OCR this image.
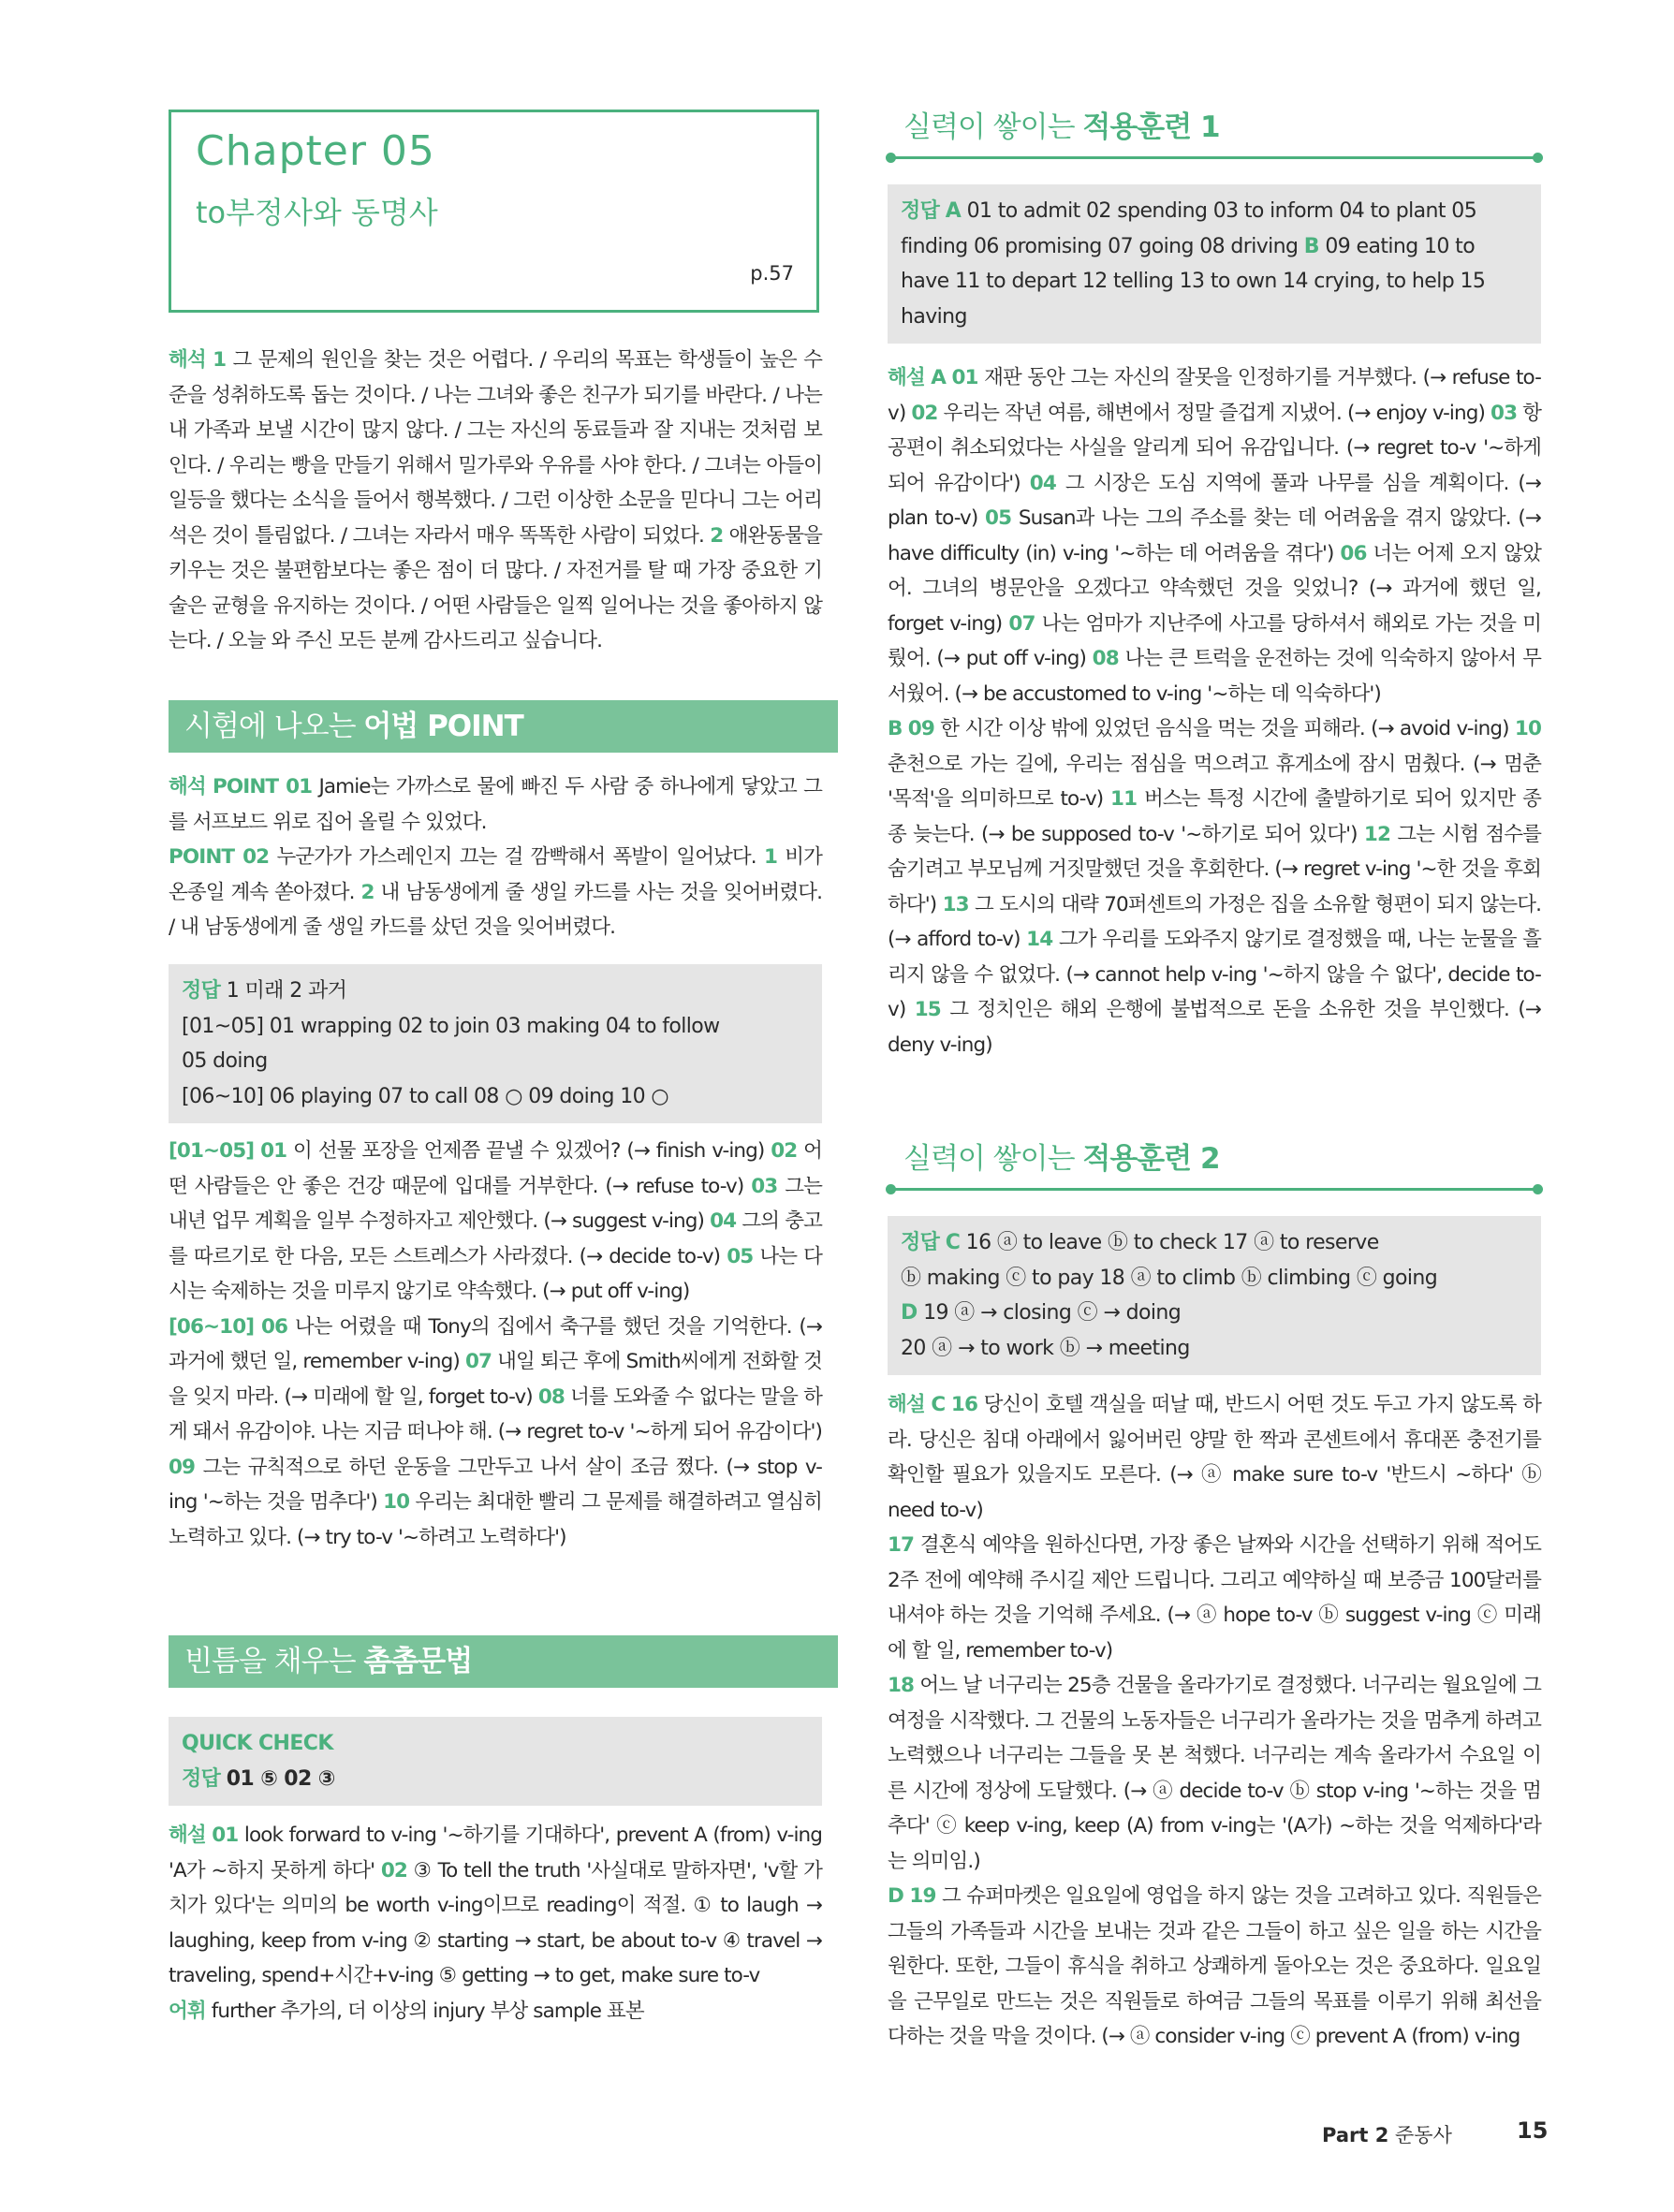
Chapter 05
to부정사와 동명사
p.57

해석 1 그 문제의 원인을 찾는 것은 어렵다. / 우리의 목표는 학생들이 높은 수준을 성취하도록 돕는 것이다. / 나는 그녀와 좋은 친구가 되기를 바란다. / 나는 내 가족과 보낼 시간이 많지 않다. / 그는 자신의 동료들과 잘 지내는 것처럼 보인다. / 우리는 빵을 만들기 위해서 밀가루와 우유를 사야 한다. / 그녀는 아들이 일등을 했다는 소식을 들어서 행복했다. / 그런 이상한 소문을 믿다니 그는 어리석은 것이 틀림없다. / 그녀는 자라서 매우 똑똑한 사람이 되었다. 2 애완동물을 키우는 것은 불편함보다는 좋은 점이 더 많다. / 자전거를 탈 때 가장 중요한 기술은 균형을 유지하는 것이다. / 어떤 사람들은 일찍 일어나는 것을 좋아하지 않는다. / 오늘 와 주신 모든 분께 감사드리고 싶습니다.

시험에 나오는 어법 POINT

해석 POINT 01 Jamie는 가까스로 물에 빠진 두 사람 중 하나에게 닿았고 그를 서프보드 위로 집어 올릴 수 있었다.

POINT 02 누군가가 가스레인지 끄는 걸 깜빡해서 폭발이 일어났다. 1 비가 온종일 계속 쏟아졌다. 2 내 남동생에게 줄 생일 카드를 사는 것을 잊어버렸다. / 내 남동생에게 줄 생일 카드를 샀던 것을 잊어버렸다.

정답 1 미래 2 과거
[01~05] 01 wrapping 02 to join 03 making 04 to follow
05 doing
[06~10] 06 playing 07 to call 08 ○ 09 doing 10 ○

[01~05] 01 이 선물 포장을 언제쯤 끝낼 수 있겠어? (→ finish v-ing) 02 어떤 사람들은 안 좋은 건강 때문에 입대를 거부한다. (→ refuse to-v) 03 그는 내년 업무 계획을 일부 수정하자고 제안했다. (→ suggest v-ing) 04 그의 충고를 따르기로 한 다음, 모든 스트레스가 사라졌다. (→ decide to-v) 05 나는 다시는 숙제하는 것을 미루지 않기로 약속했다. (→ put off v-ing)

[06~10] 06 나는 어렸을 때 Tony의 집에서 축구를 했던 것을 기억한다. (→ 과거에 했던 일, remember v-ing) 07 내일 퇴근 후에 Smith씨에게 전화할 것을 잊지 마라. (→ 미래에 할 일, forget to-v) 08 너를 도와줄 수 없다는 말을 하게 돼서 유감이야. 나는 지금 떠나야 해. (→ regret to-v '~하게 되어 유감이다') 09 그는 규칙적으로 하던 운동을 그만두고 나서 살이 조금 쪘다. (→ stop v-ing '~하는 것을 멈추다') 10 우리는 최대한 빨리 그 문제를 해결하려고 열심히 노력하고 있다. (→ try to-v '~하려고 노력하다')

빈틈을 채우는 촘촘문법
QUICK CHECK
정답 01 ⑤ 02 ③

해설 01 look forward to v-ing '~하기를 기대하다', prevent A (from) v-ing 'A가 ~하지 못하게 하다' 02 ③ To tell the truth '사실대로 말하자면', 'v할 가치가 있다'는 의미의 be worth v-ing이므로 reading이 적절. ① to laugh → laughing, keep from v-ing ② starting → start, be about to-v ④ travel → traveling, spend+시간+v-ing ⑤ getting → to get, make sure to-v

어휘 further 추가의, 더 이상의 injury 부상 sample 표본

실력이 쌓이는 적용훈련 1
정답 A 01 to admit 02 spending 03 to inform 04 to plant 05 finding 06 promising 07 going 08 driving B 09 eating 10 to have 11 to depart 12 telling 13 to own 14 crying, to help 15 having

해설 A 01 재판 동안 그는 자신의 잘못을 인정하기를 거부했다. (→ refuse to-v) 02 우리는 작년 여름, 해변에서 정말 즐겁게 지냈어. (→ enjoy v-ing) 03 항공편이 취소되었다는 사실을 알리게 되어 유감입니다. (→ regret to-v '~하게 되어 유감이다') 04 그 시장은 도심 지역에 풀과 나무를 심을 계획이다. (→ plan to-v) 05 Susan과 나는 그의 주소를 찾는 데 어려움을 겪지 않았다. (→ have difficulty (in) v-ing '~하는 데 어려움을 겪다') 06 너는 어제 오지 않았어. 그녀의 병문안을 오겠다고 약속했던 것을 잊었니? (→ 과거에 했던 일, forget v-ing) 07 나는 엄마가 지난주에 사고를 당하셔서 해외로 가는 것을 미뤘어. (→ put off v-ing) 08 나는 큰 트럭을 운전하는 것에 익숙하지 않아서 무서웠어. (→ be accustomed to v-ing '~하는 데 익숙하다')

B 09 한 시간 이상 밖에 있었던 음식을 먹는 것을 피해라. (→ avoid v-ing) 10 춘천으로 가는 길에, 우리는 점심을 먹으려고 휴게소에 잠시 멈췄다. (→ 멈춘 '목적'을 의미하므로 to-v) 11 버스는 특정 시간에 출발하기로 되어 있지만 종종 늦는다. (→ be supposed to-v '~하기로 되어 있다') 12 그는 시험 점수를 숨기려고 부모님께 거짓말했던 것을 후회한다. (→ regret v-ing '~한 것을 후회하다') 13 그 도시의 대략 70퍼센트의 가정은 집을 소유할 형편이 되지 않는다. (→ afford to-v) 14 그가 우리를 도와주지 않기로 결정했을 때, 나는 눈물을 흘리지 않을 수 없었다. (→ cannot help v-ing '~하지 않을 수 없다', decide to-v) 15 그 정치인은 해외 은행에 불법적으로 돈을 소유한 것을 부인했다. (→ deny v-ing)

실력이 쌓이는 적용훈련 2
정답 C 16 ⓐ to leave ⓑ to check 17 ⓐ to reserve
ⓑ making ⓒ to pay 18 ⓐ to climb ⓑ climbing ⓒ going
D 19 ⓐ → closing ⓒ → doing
20 ⓐ → to work ⓑ → meeting

해설 C 16 당신이 호텔 객실을 떠날 때, 반드시 어떤 것도 두고 가지 않도록 하라. 당신은 침대 아래에서 잃어버린 양말 한 짝과 콘센트에서 휴대폰 충전기를 확인할 필요가 있을지도 모른다. (→ ⓐ make sure to-v '반드시 ~하다' ⓑ need to-v)

17 결혼식 예약을 원하신다면, 가장 좋은 날짜와 시간을 선택하기 위해 적어도 2주 전에 예약해 주시길 제안 드립니다. 그리고 예약하실 때 보증금 100달러를 내셔야 하는 것을 기억해 주세요. (→ ⓐ hope to-v ⓑ suggest v-ing ⓒ 미래에 할 일, remember to-v)

18 어느 날 너구리는 25층 건물을 올라가기로 결정했다. 너구리는 월요일에 그 여정을 시작했다. 그 건물의 노동자들은 너구리가 올라가는 것을 멈추게 하려고 노력했으나 너구리는 그들을 못 본 척했다. 너구리는 계속 올라가서 수요일 이른 시간에 정상에 도달했다. (→ ⓐ decide to-v ⓑ stop v-ing '~하는 것을 멈추다' ⓒ keep v-ing, keep (A) from v-ing는 '(A가) ~하는 것을 억제하다'라는 의미임.)

D 19 그 슈퍼마켓은 일요일에 영업을 하지 않는 것을 고려하고 있다. 직원들은 그들의 가족들과 시간을 보내는 것과 같은 그들이 하고 싶은 일을 하는 시간을 원한다. 또한, 그들이 휴식을 취하고 상쾌하게 돌아오는 것은 중요하다. 일요일을 근무일로 만드는 것은 직원들로 하여금 그들의 목표를 이루기 위해 최선을 다하는 것을 막을 것이다. (→ ⓐ consider v-ing ⓒ prevent A (from) v-ing

Part 2 준동사	15
